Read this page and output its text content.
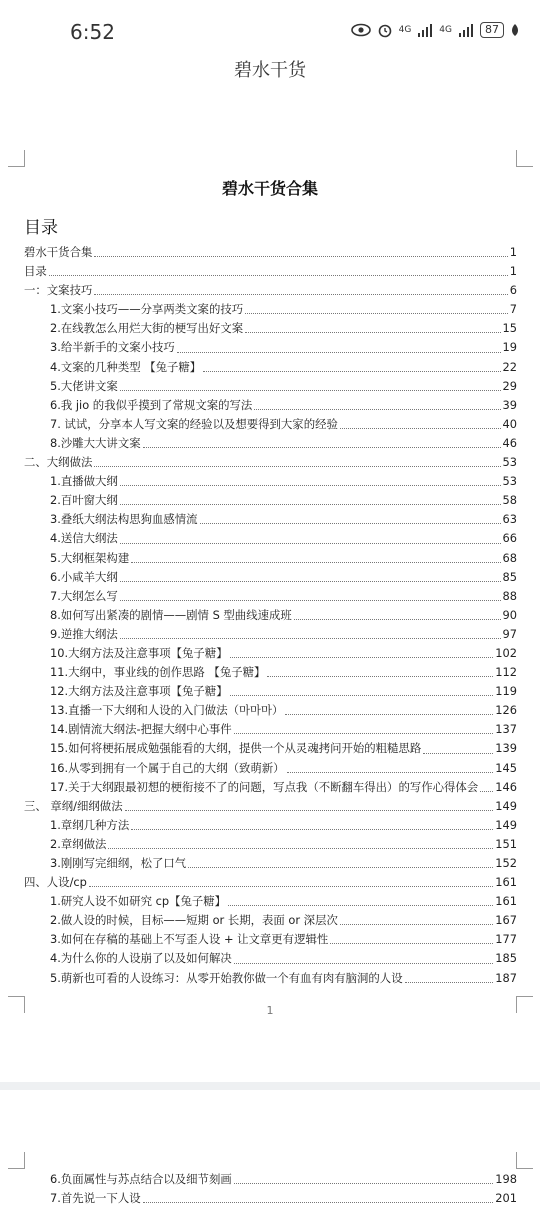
6:52	4G	4G	87
碧水干货
碧水干货合集
目录
碧水干货合集	1
目录	1
一：文案技巧	6
1.文案小技巧——分享两类文案的技巧	7
2.在线教怎么用烂大街的梗写出好文案	15
3.给半新手的文案小技巧	19
4.文案的几种类型 【兔子糖】	22
5.大佬讲文案	29
6.我 jio 的我似乎摸到了常规文案的写法	39
7. 试试，分享本人写文案的经验以及想要得到大家的经验	40
8.沙雕大大讲文案	46
二、大纲做法	53
1.直播做大纲	53
2.百叶窗大纲	58
3.叠纸大纲法构思狗血感情流	63
4.送信大纲法	66
5.大纲框架构建	68
6.小咸羊大纲	85
7.大纲怎么写	88
8.如何写出紧凑的剧情——剧情 S 型曲线速成班	90
9.逆推大纲法	97
10.大纲方法及注意事项【兔子糖】	102
11.大纲中，事业线的创作思路 【兔子糖】	112
12.大纲方法及注意事项【兔子糖】	119
13.直播一下大纲和人设的入门做法（마마마）	126
14.剧情流大纲法-把握大纲中心事件	137
15.如何将梗拓展成勉强能看的大纲，提供一个从灵魂拷问开始的粗糙思路	139
16.从零到拥有一个属于自己的大纲（致萌新）	145
17.关于大纲跟最初想的梗衔接不了的问题，写点我（不断翻车得出）的写作心得体会 146
三、 章纲/细纲做法	149
1.章纲几种方法	149
2.章纲做法	151
3.刚刚写完细纲，松了口气	152
四、人设/cp	161
1.研究人设不如研究 cp【兔子糖】	161
2.做人设的时候，目标——短期 or 长期，表面 or 深层次	167
3.如何在存稿的基础上不写歪人设 + 让文章更有逻辑性	177
4.为什么你的人设崩了以及如何解决	185
5.萌新也可看的人设练习：从零开始教你做一个有血有肉有脑洞的人设	187
1
6.负面属性与苏点结合以及细节刻画	198
7.首先说一下人设	201
